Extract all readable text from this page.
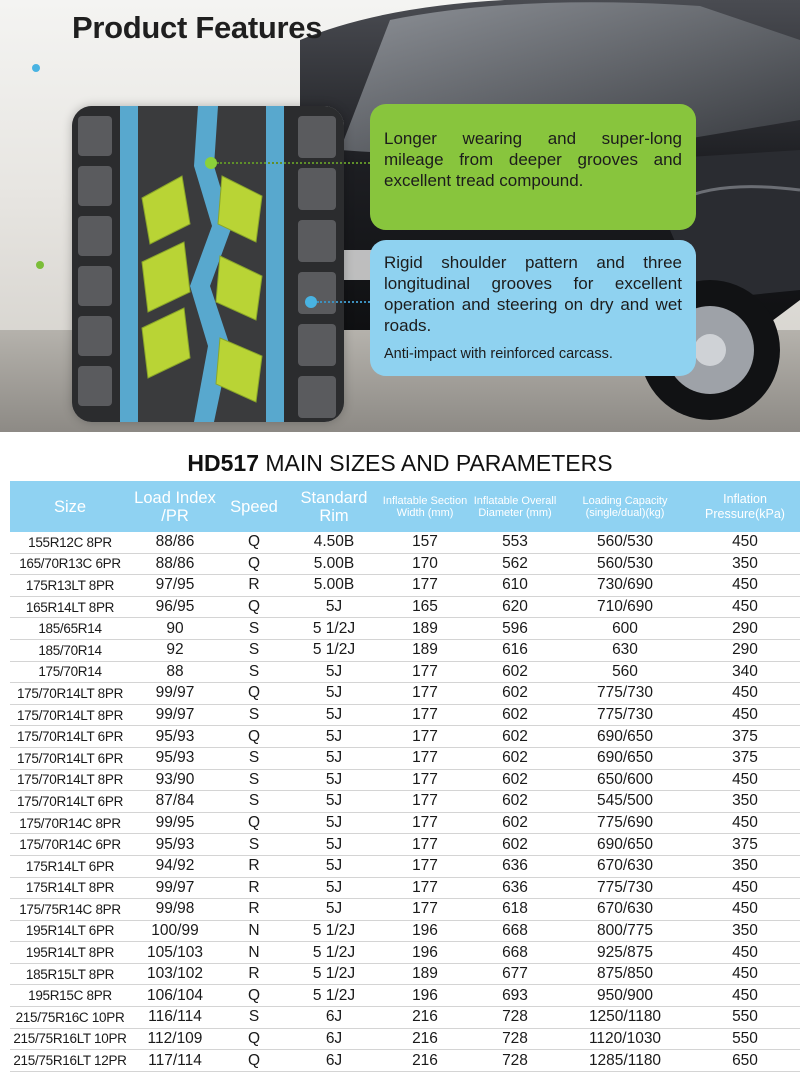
Product Features

Longer wearing and super-long mileage from deeper grooves and excellent tread compound.

Rigid shoulder pattern and three longitudinal grooves for excellent operation and steering on dry and wet roads.

Anti-impact with reinforced carcass.

HD517 MAIN SIZES AND PARAMETERS
Size	Load Index /PR	Speed	Standard Rim	Inflatable Section Width (mm)	Inflatable Overall Diameter (mm)	Loading Capacity (single/dual)(kg)	Inflation Pressure(kPa)
155R12C 8PR	88/86	Q	4.50B	157	553	560/530	450
165/70R13C 6PR	88/86	Q	5.00B	170	562	560/530	350
175R13LT 8PR	97/95	R	5.00B	177	610	730/690	450
165R14LT 8PR	96/95	Q	5J	165	620	710/690	450
185/65R14	90	S	5 1/2J	189	596	600	290
185/70R14	92	S	5 1/2J	189	616	630	290
175/70R14	88	S	5J	177	602	560	340
175/70R14LT 8PR	99/97	Q	5J	177	602	775/730	450
175/70R14LT 8PR	99/97	S	5J	177	602	775/730	450
175/70R14LT 6PR	95/93	Q	5J	177	602	690/650	375
175/70R14LT 6PR	95/93	S	5J	177	602	690/650	375
175/70R14LT 8PR	93/90	S	5J	177	602	650/600	450
175/70R14LT 6PR	87/84	S	5J	177	602	545/500	350
175/70R14C 8PR	99/95	Q	5J	177	602	775/690	450
175/70R14C 6PR	95/93	S	5J	177	602	690/650	375
175R14LT 6PR	94/92	R	5J	177	636	670/630	350
175R14LT 8PR	99/97	R	5J	177	636	775/730	450
175/75R14C 8PR	99/98	R	5J	177	618	670/630	450
195R14LT 6PR	100/99	N	5 1/2J	196	668	800/775	350
195R14LT 8PR	105/103	N	5 1/2J	196	668	925/875	450
185R15LT 8PR	103/102	R	5 1/2J	189	677	875/850	450
195R15C 8PR	106/104	Q	5 1/2J	196	693	950/900	450
215/75R16C 10PR	116/114	S	6J	216	728	1250/1180	550
215/75R16LT 10PR	112/109	Q	6J	216	728	1120/1030	550
215/75R16LT 12PR	117/114	Q	6J	216	728	1285/1180	650
